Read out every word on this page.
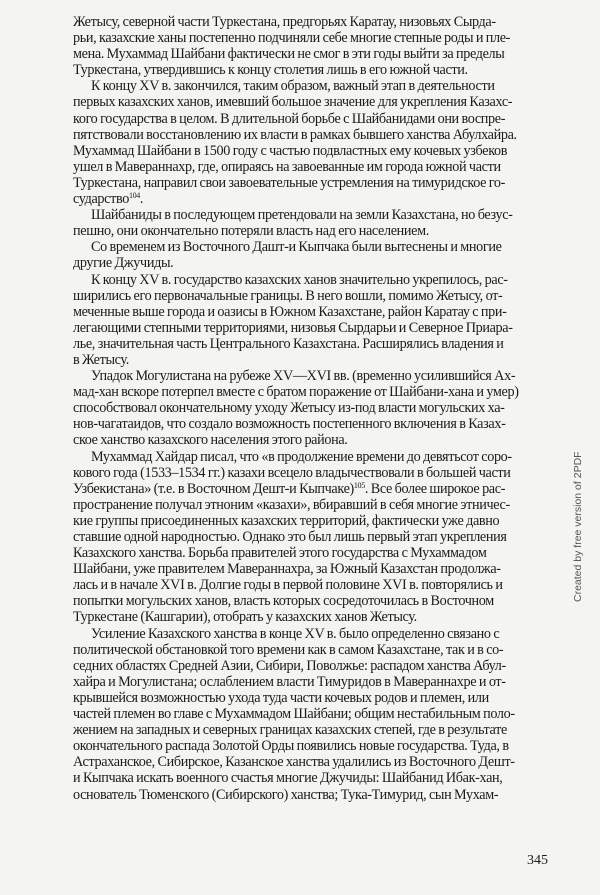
Жетысу, северной части Туркестана, предгорьях Каратау, низовьях Сырда-
рьи, казахские ханы постепенно подчиняли себе многие степные роды и пле-
мена. Мухаммад Шайбани фактически не смог в эти годы выйти за пределы
Туркестана, утвердившись к концу столетия лишь в его южной части.

К концу XV в. закончился, таким образом, важный этап в деятельности
первых казахских ханов, имевший большое значение для укрепления Казахс-
кого государства в целом. В длительной борьбе с Шайбанидами они воспре-
пятствовали восстановлению их власти в рамках бывшего ханства Абулхайра.
Мухаммад Шайбани в 1500 году с частью подвластных ему кочевых узбеков
ушел в Мавераннахр, где, опираясь на завоеванные им города южной части
Туркестана, направил свои завоевательные устремления на тимуридское го-
сударство$^{104}$.

Шайбаниды в последующем претендовали на земли Казахстана, но безус-
пешно, они окончательно потеряли власть над его населением.

Со временем из Восточного Дашт-и Кыпчака были вытеснены и многие
другие Джучиды.

К концу XV в. государство казахских ханов значительно укрепилось, рас-
ширились его первоначальные границы. В него вошли, помимо Жетысу, от-
меченные выше города и оазисы в Южном Казахстане, район Каратау с при-
легающими степными территориями, низовья Сырдарьи и Северное Приара-
лье, значительная часть Центрального Казахстана. Расширялись владения и
в Жетысу.

Упадок Могулистана на рубеже XV—XVI вв. (временно усилившийся Ах-
мад-хан вскоре потерпел вместе с братом поражение от Шайбани-хана и умер)
способствовал окончательному уходу Жетысу из-под власти могульских ха-
нов-чагатаидов, что создало возможность постепенного включения в Казах-
ское ханство казахского населения этого района.

Мухаммад Хайдар писал, что «в продолжение времени до девятьсот соро-
кового года (1533–1534 гг.) казахи всецело владычествовали в большей части
Узбекистана» (т.е. в Восточном Дешт-и Кыпчаке)$^{105}$. Все более широкое рас-
пространение получал этноним «казахи», вбиравший в себя многие этничес-
кие группы присоединенных казахских территорий, фактически уже давно
ставшие одной народностью. Однако это был лишь первый этап укрепления
Казахского ханства. Борьба правителей этого государства с Мухаммадом
Шайбани, уже правителем Мавераннахра, за Южный Казахстан продолжа-
лась и в начале XVI в. Долгие годы в первой половине XVI в. повторялись и
попытки могульских ханов, власть которых сосредоточилась в Восточном
Туркестане (Кашгарии), отобрать у казахских ханов Жетысу.

Усиление Казахского ханства в конце XV в. было определенно связано с
политической обстановкой того времени как в самом Казахстане, так и в со-
седних областях Средней Азии, Сибири, Поволжье: распадом ханства Абул-
хайра и Могулистана; ослаблением власти Тимуридов в Мавераннахре и от-
крывшейся возможностью ухода туда части кочевых родов и племен, или
частей племен во главе с Мухаммадом Шайбани; общим нестабильным поло-
жением на западных и северных границах казахских степей, где в результате
окончательного распада Золотой Орды появились новые государства. Туда, в
Астраханское, Сибирское, Казанское ханства удалились из Восточного Дешт-
и Кыпчака искать военного счастья многие Джучиды: Шайбанид Ибак-хан,
основатель Тюменского (Сибирского) ханства; Тука-Тимурид, сын Мухам-

345
Created by free version of 2PDF
